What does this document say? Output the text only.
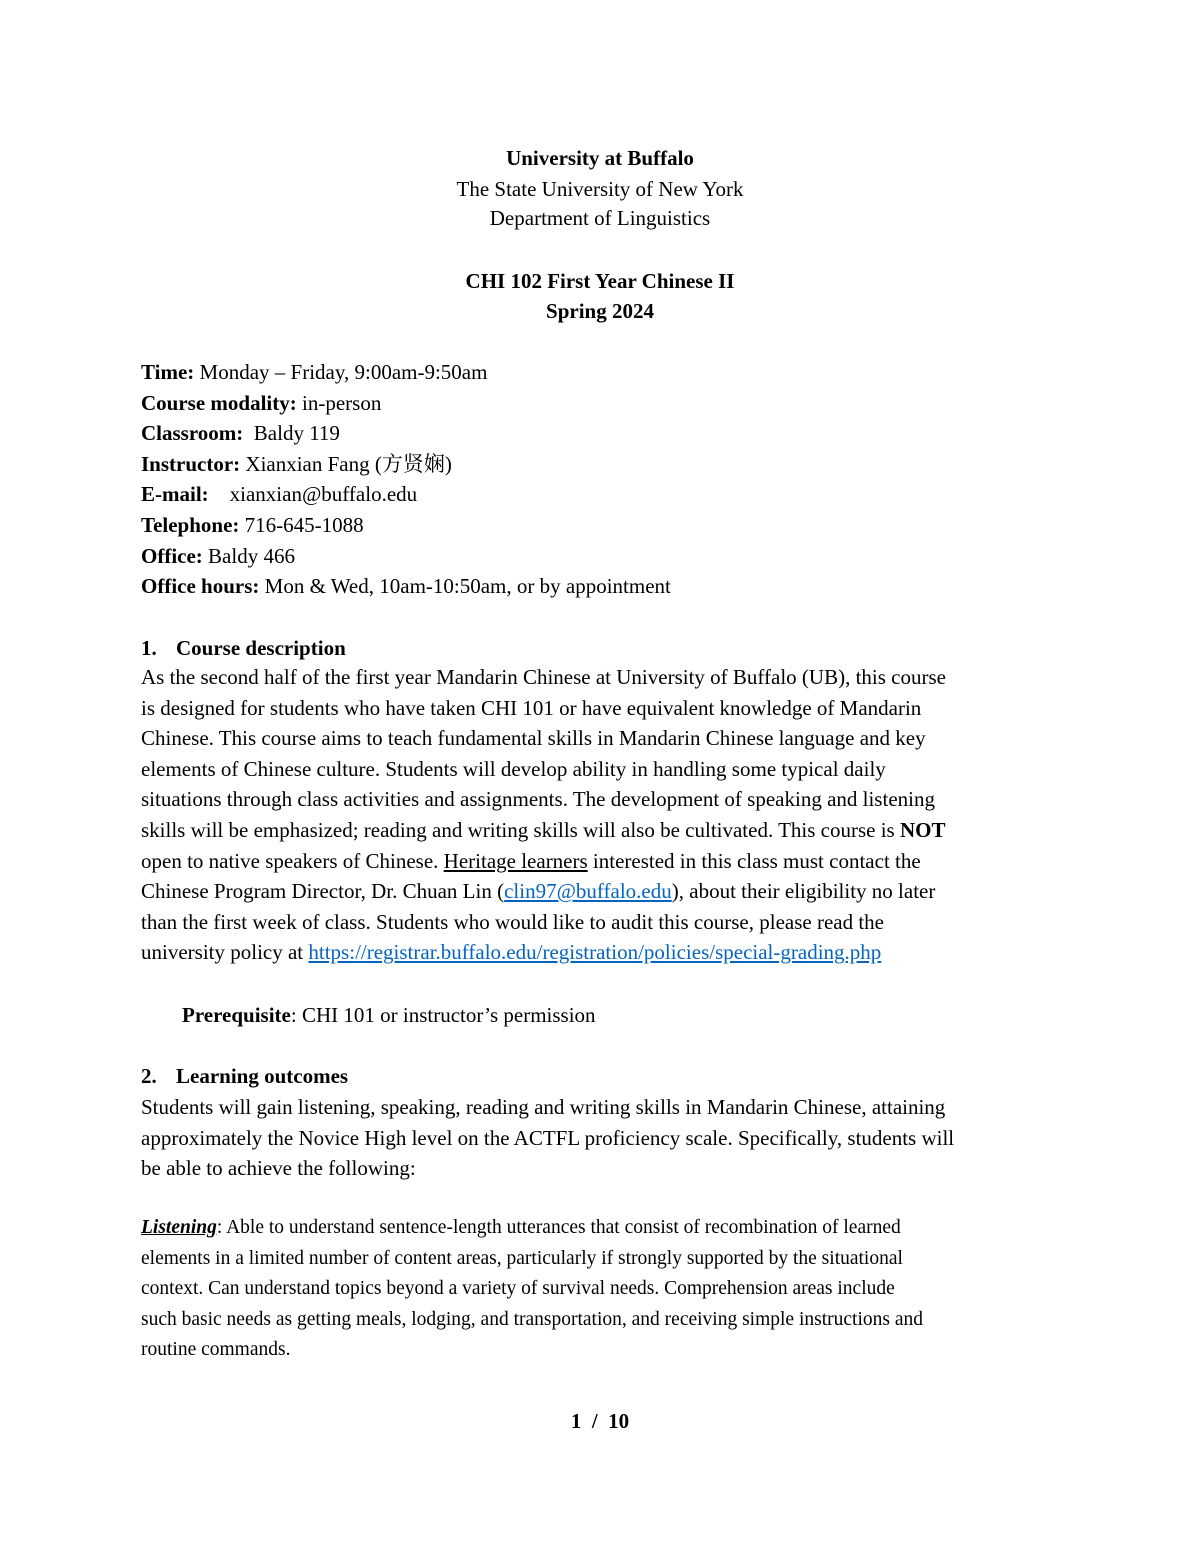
University at Buffalo
The State University of New York
Department of Linguistics
CHI 102 First Year Chinese II
Spring 2024
Time: Monday – Friday, 9:00am-9:50am
Course modality: in-person
Classroom:  Baldy 119
Instructor: Xianxian Fang (方贤娴)
E-mail:    xianxian@buffalo.edu
Telephone: 716-645-1088
Office: Baldy 466
Office hours: Mon & Wed, 10am-10:50am, or by appointment
1. Course description

As the second half of the first year Mandarin Chinese at University of Buffalo (UB), this course

is designed for students who have taken CHI 101 or have equivalent knowledge of Mandarin

Chinese. This course aims to teach fundamental skills in Mandarin Chinese language and key

elements of Chinese culture. Students will develop ability in handling some typical daily

situations through class activities and assignments. The development of speaking and listening

skills will be emphasized; reading and writing skills will also be cultivated. This course is NOT

open to native speakers of Chinese. Heritage learners interested in this class must contact the

Chinese Program Director, Dr. Chuan Lin (clin97@buffalo.edu), about their eligibility no later

than the first week of class. Students who would like to audit this course, please read the

university policy at https://registrar.buffalo.edu/registration/policies/special-grading.php

Prerequisite: CHI 101 or instructor’s permission
2. Learning outcomes

Students will gain listening, speaking, reading and writing skills in Mandarin Chinese, attaining

approximately the Novice High level on the ACTFL proficiency scale. Specifically, students will

be able to achieve the following:

Listening: Able to understand sentence-length utterances that consist of recombination of learned

elements in a limited number of content areas, particularly if strongly supported by the situational

context. Can understand topics beyond a variety of survival needs. Comprehension areas include

such basic needs as getting meals, lodging, and transportation, and receiving simple instructions and

routine commands.

1  /  10
